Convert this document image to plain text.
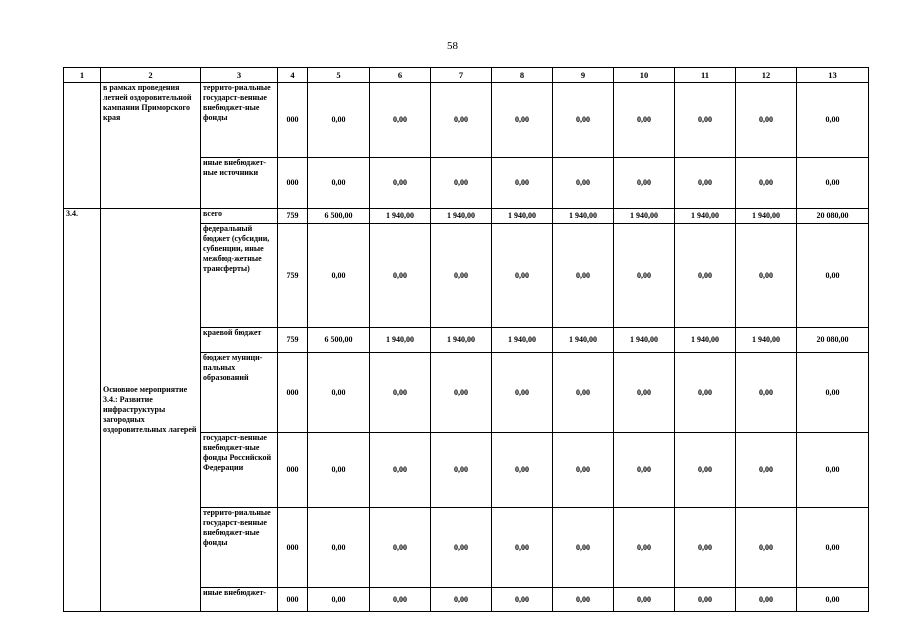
58
1	2	3	4	5	6	7	8	9	10	11	12	13
	в рамках проведения летней оздоровительной кампании Приморского края	террито-риальные государст-венные внебюджет-ные фонды	000	0,00	0,00	0,00	0,00	0,00	0,00	0,00	0,00	0,00
		иные внебюджет-ные источники	000	0,00	0,00	0,00	0,00	0,00	0,00	0,00	0,00	0,00
3.4.	Основное мероприятие 3.4.: Развитие инфраструктуры загородных оздоровительных лагерей	всего	759	6 500,00	1 940,00	1 940,00	1 940,00	1 940,00	1 940,00	1 940,00	1 940,00	20 080,00
		федеральный бюджет (субсидии, субвенции, иные межбюд-жетные трансферты)	759	0,00	0,00	0,00	0,00	0,00	0,00	0,00	0,00	0,00
		краевой бюджет	759	6 500,00	1 940,00	1 940,00	1 940,00	1 940,00	1 940,00	1 940,00	1 940,00	20 080,00
		бюджет муници-пальных образований	000	0,00	0,00	0,00	0,00	0,00	0,00	0,00	0,00	0,00
		государст-венные внебюджет-ные фонды Российской Федерации	000	0,00	0,00	0,00	0,00	0,00	0,00	0,00	0,00	0,00
		террито-риальные государст-венные внебюджет-ные фонды	000	0,00	0,00	0,00	0,00	0,00	0,00	0,00	0,00	0,00
		иные внебюджет-	000	0,00	0,00	0,00	0,00	0,00	0,00	0,00	0,00	0,00
